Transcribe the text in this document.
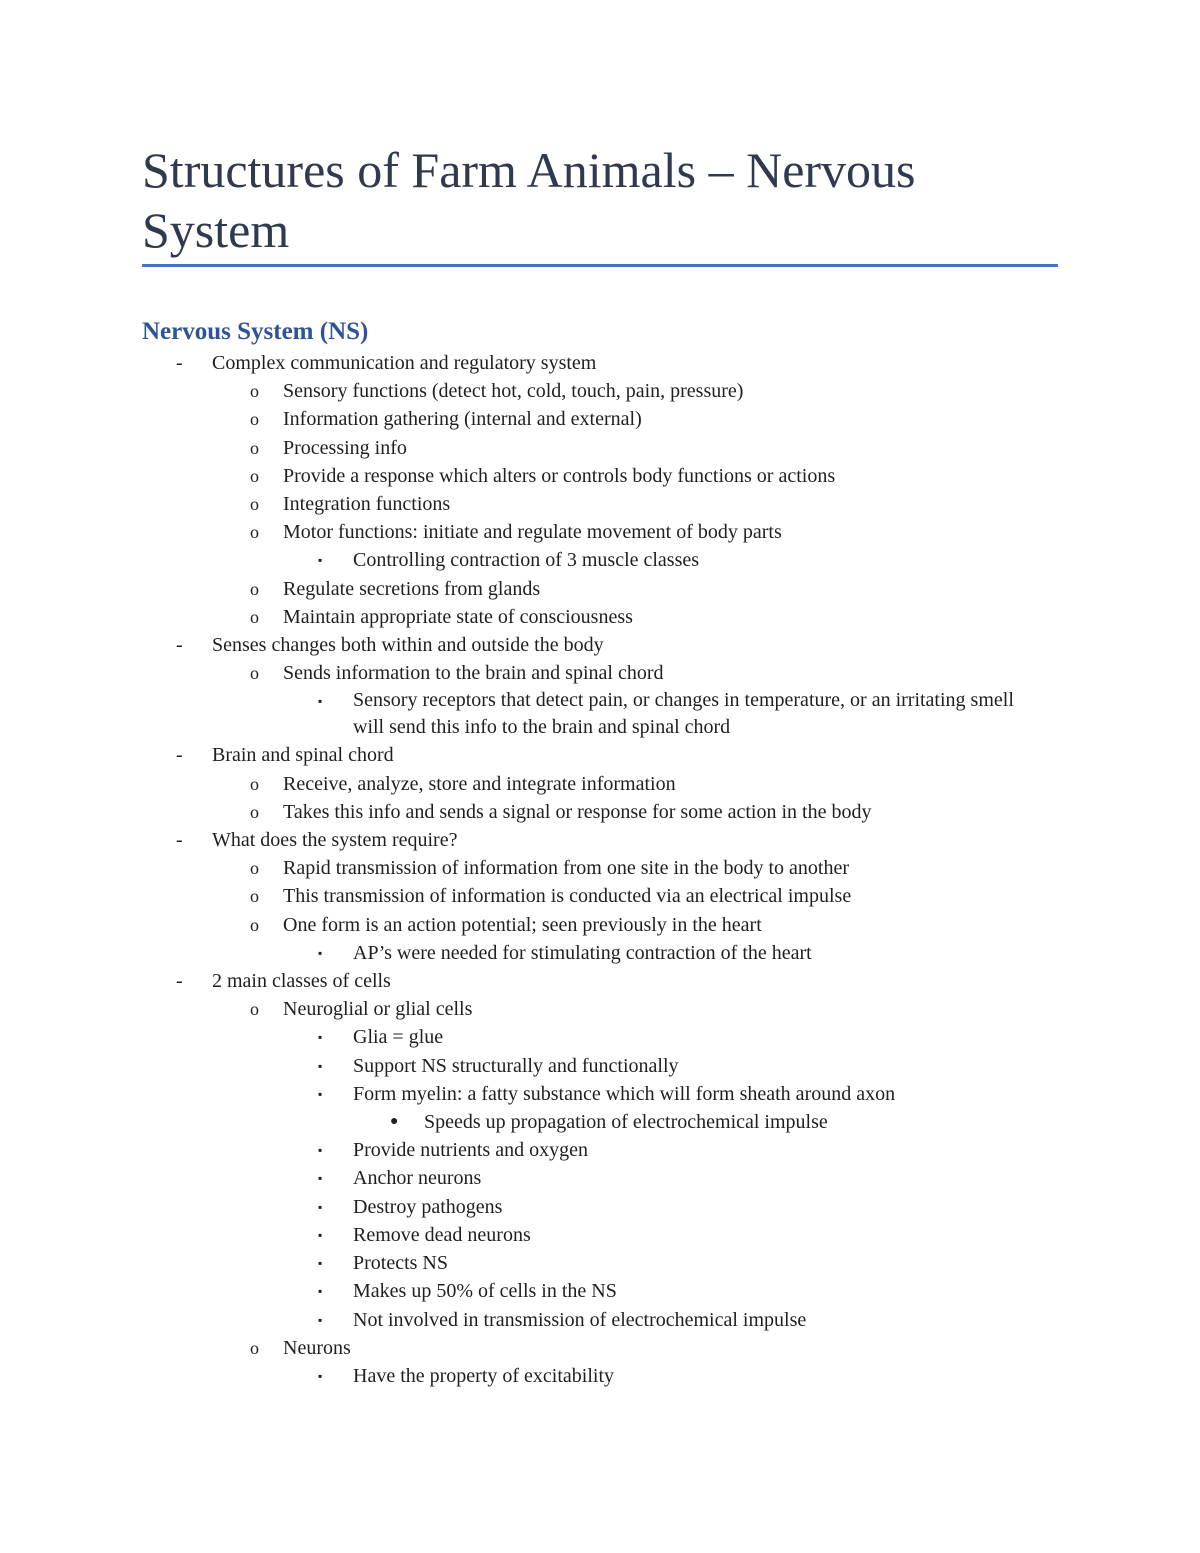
Structures of Farm Animals – Nervous System
Nervous System (NS)
-	Complex communication and regulatory system
o	Sensory functions (detect hot, cold, touch, pain, pressure)
o	Information gathering (internal and external)
o	Processing info
o	Provide a response which alters or controls body functions or actions
o	Integration functions
o	Motor functions: initiate and regulate movement of body parts
▪	Controlling contraction of 3 muscle classes
o	Regulate secretions from glands
o	Maintain appropriate state of consciousness
-	Senses changes both within and outside the body
o	Sends information to the brain and spinal chord
▪	Sensory receptors that detect pain, or changes in temperature, or an irritating smell will send this info to the brain and spinal chord
-	Brain and spinal chord
o	Receive, analyze, store and integrate information
o	Takes this info and sends a signal or response for some action in the body
-	What does the system require?
o	Rapid transmission of information from one site in the body to another
o	This transmission of information is conducted via an electrical impulse
o	One form is an action potential; seen previously in the heart
▪	AP’s were needed for stimulating contraction of the heart
-	2 main classes of cells
o	Neuroglial or glial cells
▪	Glia = glue
▪	Support NS structurally and functionally
▪	Form myelin: a fatty substance which will form sheath around axon
●	Speeds up propagation of electrochemical impulse
▪	Provide nutrients and oxygen
▪	Anchor neurons
▪	Destroy pathogens
▪	Remove dead neurons
▪	Protects NS
▪	Makes up 50% of cells in the NS
▪	Not involved in transmission of electrochemical impulse
o	Neurons
▪	Have the property of excitability
